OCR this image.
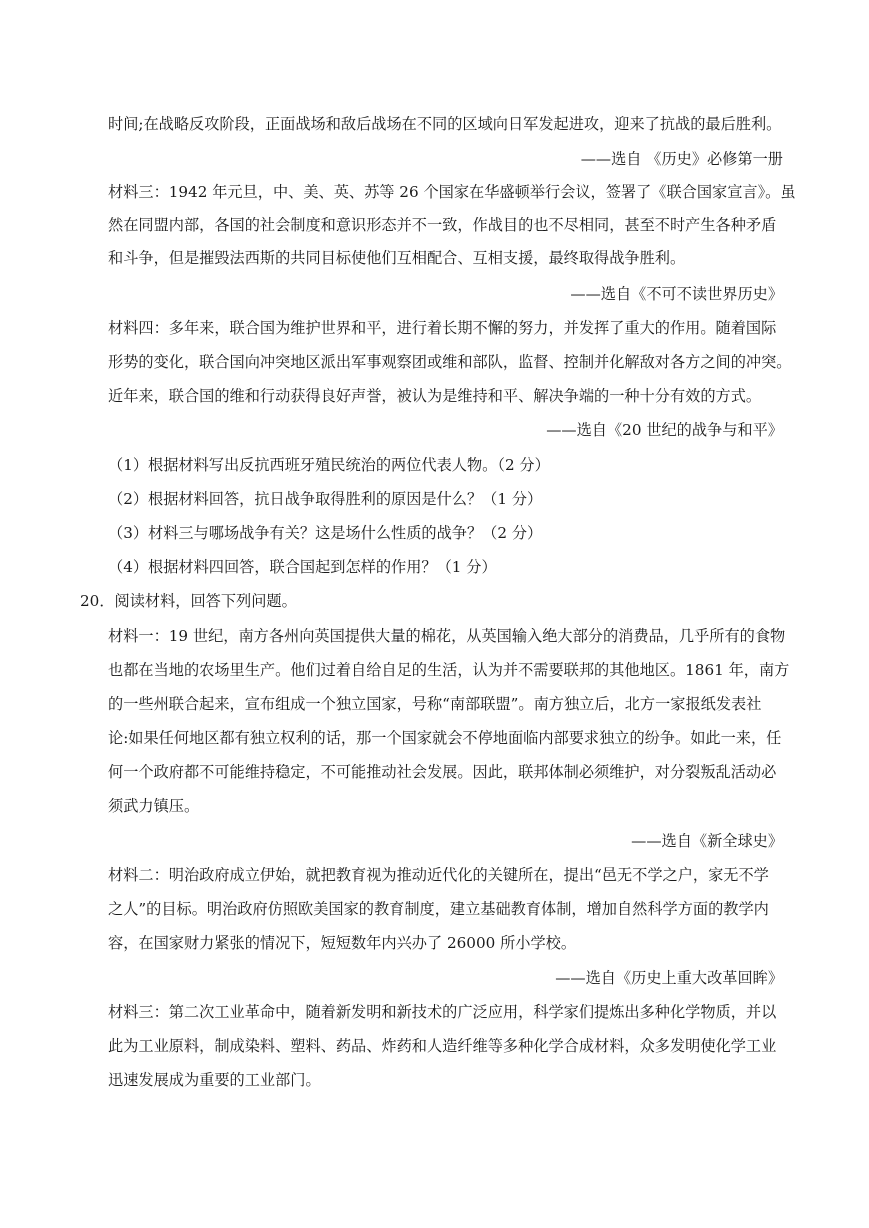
时间;在战略反攻阶段，正面战场和敌后战场在不同的区域向日军发起进攻，迎来了抗战的最后胜利。
——选自 《历史》必修第一册
材料三：1942 年元旦，中、美、英、苏等 26 个国家在华盛顿举行会议，签署了《联合国家宣言》。虽
然在同盟内部，各国的社会制度和意识形态并不一致，作战目的也不尽相同，甚至不时产生各种矛盾
和斗争，但是摧毁法西斯的共同目标使他们互相配合、互相支援，最终取得战争胜利。
——选自《不可不读世界历史》
材料四：多年来，联合国为维护世界和平，进行着长期不懈的努力，并发挥了重大的作用。随着国际
形势的变化，联合国向冲突地区派出军事观察团或维和部队，监督、控制并化解敌对各方之间的冲突。
近年来，联合国的维和行动获得良好声誉，被认为是维持和平、解决争端的一种十分有效的方式。
——选自《20 世纪的战争与和平》
（1）根据材料写出反抗西班牙殖民统治的两位代表人物。（2 分）
（2）根据材料回答，抗日战争取得胜利的原因是什么？（1 分）
（3）材料三与哪场战争有关？这是场什么性质的战争？（2 分）
（4）根据材料四回答，联合国起到怎样的作用？（1 分）
20．阅读材料，回答下列问题。
材料一：19 世纪，南方各州向英国提供大量的棉花，从英国输入绝大部分的消费品，几乎所有的食物
也都在当地的农场里生产。他们过着自给自足的生活，认为并不需要联邦的其他地区。1861 年，南方
的一些州联合起来，宣布组成一个独立国家，号称“南部联盟”。南方独立后，北方一家报纸发表社
论:如果任何地区都有独立权利的话，那一个国家就会不停地面临内部要求独立的纷争。如此一来，任
何一个政府都不可能维持稳定，不可能推动社会发展。因此，联邦体制必须维护，对分裂叛乱活动必
须武力镇压。
——选自《新全球史》
材料二：明治政府成立伊始，就把教育视为推动近代化的关键所在，提出“邑无不学之户，家无不学
之人”的目标。明治政府仿照欧美国家的教育制度，建立基础教育体制，增加自然科学方面的教学内
容，在国家财力紧张的情况下，短短数年内兴办了 26000 所小学校。
——选自《历史上重大改革回眸》
材料三：第二次工业革命中，随着新发明和新技术的广泛应用，科学家们提炼出多种化学物质，并以
此为工业原料，制成染料、塑料、药品、炸药和人造纤维等多种化学合成材料，众多发明使化学工业
迅速发展成为重要的工业部门。
